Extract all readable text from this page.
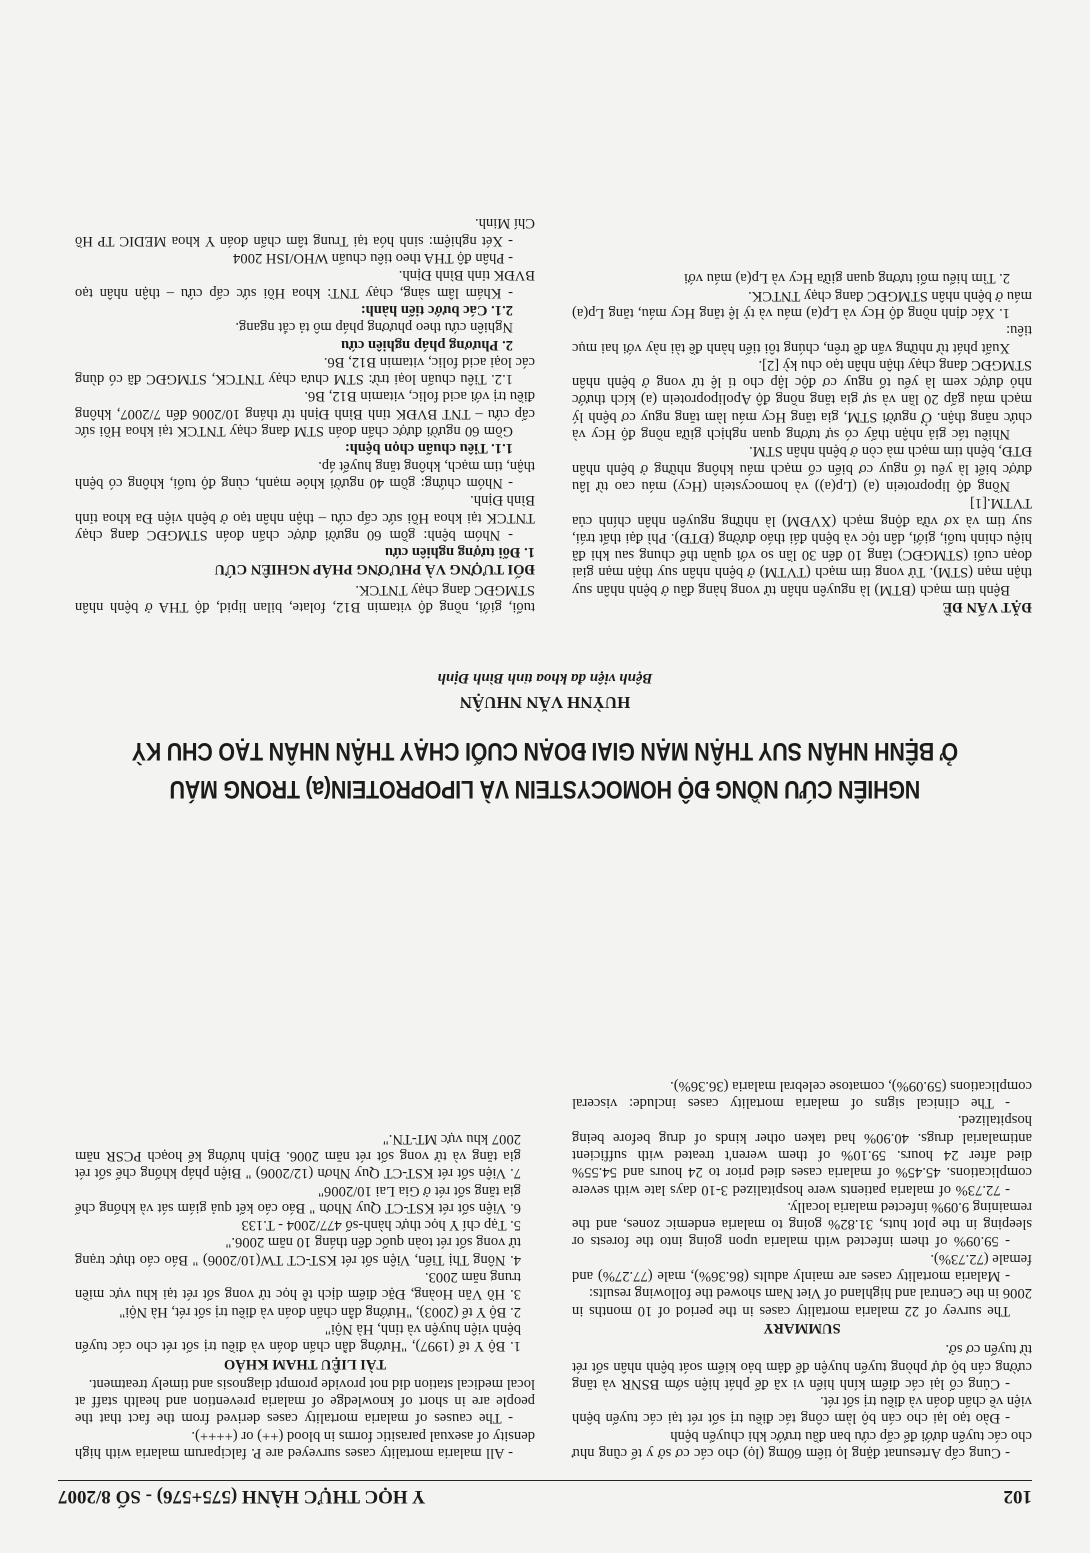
102
Y HỌC THỰC HÀNH (575+576) - SỐ 8/2007

- Cung cấp Artesunat đặng lọ tiêm 60mg (lọ) cho các cơ sở y tế cũng như cho các tuyến dưới để cấp cứu ban đầu trước khi chuyển bệnh

- Đào tạo lại cho cán bộ làm công tác điều trị sốt rét tại các tuyến bệnh viện về chẩn đoán và điều trị sốt rét.

- Củng cố lại các điểm kính hiển vi xã để phát hiện sớm BSNR và tăng cường cán bộ dự phòng tuyến huyện để đảm bảo kiểm soát bệnh nhân sốt rét từ tuyến cơ sở.

SUMMARY

The survey of 22 malaria mortality cases in the period of 10 months in 2006 in the Central and highland of Viet Nam showed the following results:

- Malaria mortality cases are mainly adults (86.36%), male (77.27%) and female (72.73%).

- 59.09% of them infected with malaria upon going into the forests or sleeping in the plot huts, 31.82% going to malaria endemic zones, and the remaining 9.09% infected malaria locally.

- 72.73% of malaria patients were hospitalized 3-10 days late with severe complications. 45.45% of malaria cases died prior to 24 hours and 54.55% died after 24 hours. 59.10% of them weren't treated with sufficient antimalarial drugs. 40.90% had taken other kinds of drug before being hospitalized.

- The clinical signs of malaria mortality cases include: visceral complications (59.09%), comatose celebral malaria (36.36%).

- All malaria mortality cases surveyed are P. falciparum malaria with high density of asexual parasitic forms in blood (++) or (++++).

- The causes of malaria mortality cases derived from the fact that the people are in short of knowledge of malaria prevention and health staff at local medical station did not provide prompt diagnosis and timely treatment.

TÀI LIỆU THAM KHẢO

1. Bộ Y tế (1997), "Hướng dẫn chẩn đoán và điều trị sốt rét cho các tuyến bệnh viện huyện và tỉnh, Hà Nội"

2. Bộ Y tế (2003), "Hướng dẫn chẩn đoán và điều trị sốt rét, Hà Nội"

3. Hồ Văn Hoàng, Đặc điểm dịch tễ học tử vong sốt rét tại khu vực miền trung năm 2003.

4. Nông Thị Tiến, Viện sốt rét KST-CT TW(10/2006) " Báo cáo thực trạng tử vong sốt rét toàn quốc đến tháng 10 năm 2006."

5. Tạp chí Y học thực hành-số 477/2004 - T.133

6. Viện sốt rét KST-CT Quy Nhơn " Báo cáo kết quả giám sát và khống chế gia tăng sốt rét ở Gia Lai 10/2006"

7. Viện sốt rét KST-CT Quy Nhơn (12/2006) " Biện pháp khống chế sốt rét gia tăng và tử vong sốt rét năm 2006. Định hướng kế hoạch PCSR năm 2007 khu vực MT-TN."

NGHIÊN CỨU NỒNG ĐỘ HOMOCYSTEIN VÀ LIPOPROTEIN(a) TRONG MÁU
Ở BỆNH NHÂN SUY THẬN MẠN GIAI ĐOẠN CUỐI CHẠY THẬN NHÂN TẠO CHU KỲ
HUỲNH VĂN NHUẬN
Bệnh viện đa khoa tỉnh Bình Định

ĐẶT VẤN ĐỀ

Bệnh tim mạch (BTM) là nguyên nhân tử vong hàng đầu ở bệnh nhân suy thận mạn (STM). Tử vong tim mạch (TVTM) ở bệnh nhân suy thận mạn giai đoạn cuối (STMGĐC) tăng 10 đến 30 lần so với quần thể chung sau khi đã hiệu chỉnh tuổi, giới, dân tộc và bệnh đái tháo đường (ĐTĐ). Phì đại thất trái, suy tim và xơ vữa động mạch (XVĐM) là những nguyên nhân chính của TVTM.[1]

Nồng độ lipoprotein (a) (Lp(a)) và homocystein (Hcy) máu cao từ lâu được biết là yếu tố nguy cơ biến cố mạch máu không những ở bệnh nhân ĐTĐ, bệnh tim mạch mà còn ở bệnh nhân STM.

Nhiều tác giả nhận thấy có sự tương quan nghịch giữa nồng độ Hcy và chức năng thận. Ở người STM, gia tăng Hcy máu làm tăng nguy cơ bệnh lý mạch máu gấp 20 lần và sự gia tăng nồng độ Apolipoprotein (a) kích thước nhỏ được xem là yếu tố nguy cơ độc lập cho tỉ lệ tử vong ở bệnh nhân STMGĐC đang chạy thận nhân tạo chu kỳ [2].

Xuất phát từ những vấn đề trên, chúng tôi tiến hành đề tài này với hai mục tiêu:

1. Xác định nồng độ Hcy và Lp(a) máu và tỷ lệ tăng Hcy máu, tăng Lp(a) máu ở bệnh nhân STMGĐC đang chạy TNTCK.

2. Tìm hiểu mối tương quan giữa Hcy và Lp(a) máu với

tuổi, giới, nồng độ vitamin B12, folate, bilan lipid, độ THA ở bệnh nhân STMGĐC đang chạy TNTCK.

ĐỐI TƯỢNG VÀ PHƯƠNG PHÁP NGHIÊN CỨU

1. Đối tượng nghiên cứu

- Nhóm bệnh: gồm 60 người được chẩn đoán STMGĐC đang chạy TNTCK tại khoa Hồi sức cấp cứu – thận nhân tạo ở bệnh viện Đa khoa tỉnh Bình Định.

- Nhóm chứng: gồm 40 người khỏe mạnh, cùng độ tuổi, không có bệnh thận, tim mạch, không tăng huyết áp.

1.1. Tiêu chuẩn chọn bệnh:

Gồm 60 người được chẩn đoán STM đang chạy TNTCK tại khoa Hồi sức cấp cứu – TNT BVĐK tỉnh Bình Định từ tháng 10/2006 đến 7/2007, không điều trị với acid folic, vitamin B12, B6.

1.2. Tiêu chuẩn loại trừ: STM chưa chạy TNTCK, STMGĐC đã có dùng các loại acid folic, vitamin B12, B6.

2. Phương pháp nghiên cứu

Nghiên cứu theo phương pháp mô tả cắt ngang.

2.1. Các bước tiến hành:

- Khám lâm sàng, chạy TNT: khoa Hồi sức cấp cứu – thận nhân tạo BVĐK tỉnh Bình Định.

- Phân độ THA theo tiêu chuẩn WHO/ISH 2004

- Xét nghiệm: sinh hóa tại Trung tâm chẩn đoán Y khoa MEDIC TP Hồ Chí Minh.
